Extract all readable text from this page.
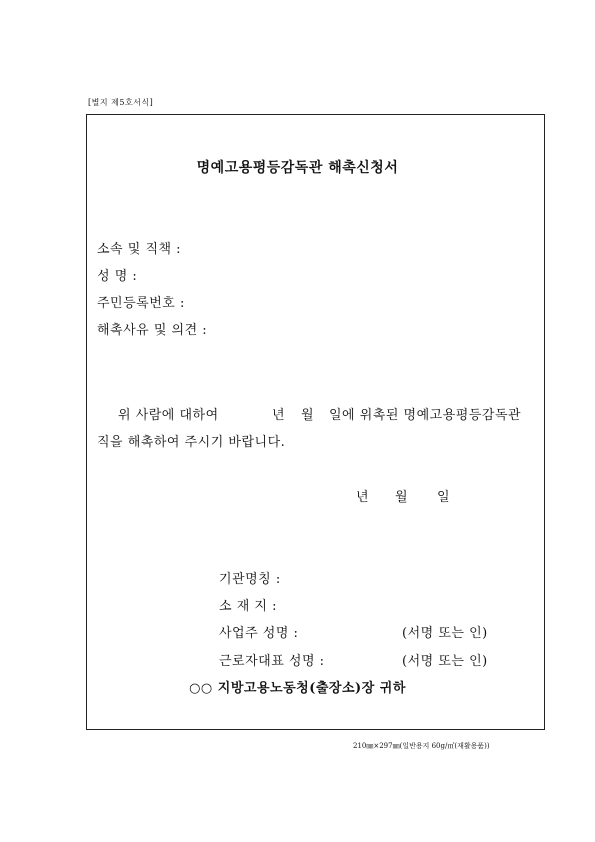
[별지 제5호서식]
명예고용평등감독관 해촉신청서
소속 및 직책 :
성 명 :
주민등록번호 :
해촉사유 및 의견 :
위 사람에 대하여	년 월 일에 위촉된 명예고용평등감독관
직을 해촉하여 주시기 바랍니다.
년 월 일
기관명칭 :
소 재 지 :
사업주 성명 :	(서명 또는 인)
근로자대표 성명 :	(서명 또는 인)
○○ 지방고용노동청(출장소)장 귀하
210㎜×297㎜(일반용지 60g/㎡(재활용품))
